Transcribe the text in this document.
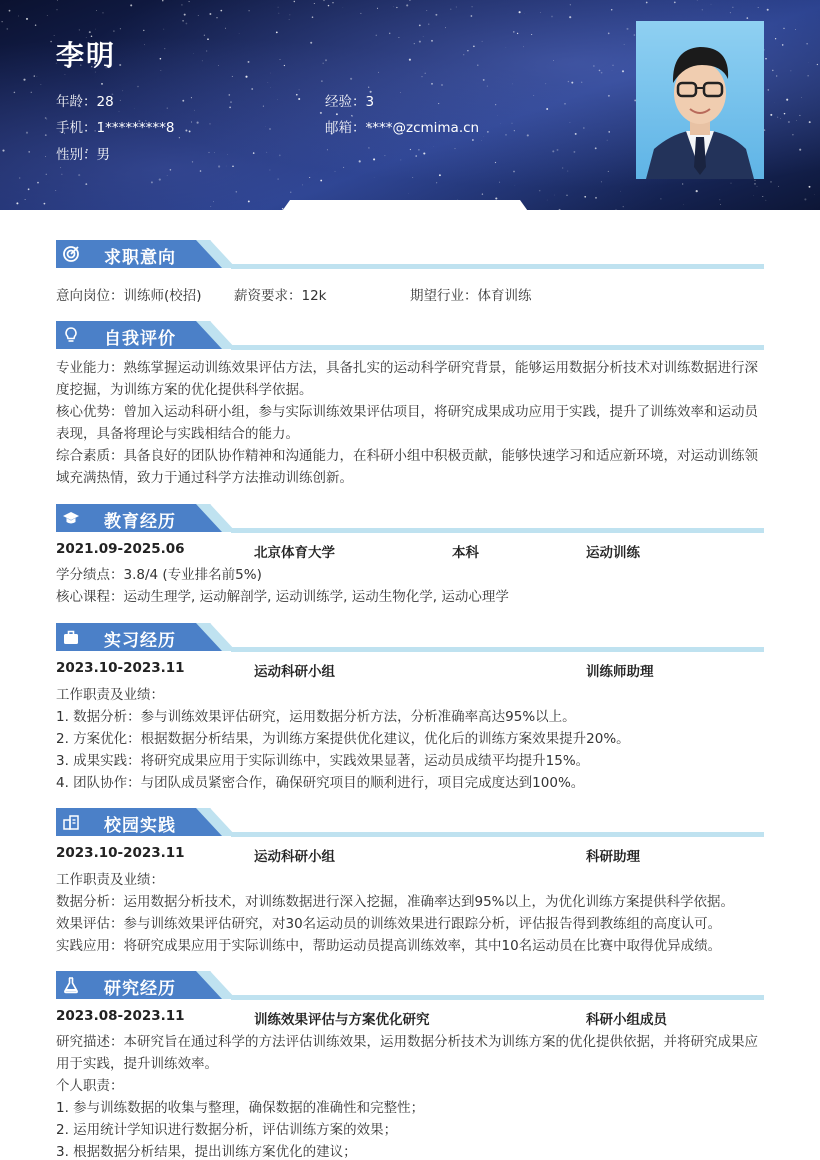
李明
年龄：28	经验：3
手机：1*********8	邮箱：****@zcmima.cn
性别：男
求职意向
意向岗位：训练师(校招) 薪资要求：12k	期望行业：体育训练
自我评价
专业能力：熟练掌握运动训练效果评估方法，具备扎实的运动科学研究背景，能够运用数据分析技术对训练数据进行深度挖掘，为训练方案的优化提供科学依据。
核心优势：曾加入运动科研小组，参与实际训练效果评估项目，将研究成果成功应用于实践，提升了训练效率和运动员表现，具备将理论与实践相结合的能力。
综合素质：具备良好的团队协作精神和沟通能力，在科研小组中积极贡献，能够快速学习和适应新环境，对运动训练领域充满热情，致力于通过科学方法推动训练创新。
教育经历
2021.09-2025.06	北京体育大学	本科	运动训练
学分绩点：3.8/4 (专业排名前5%)
核心课程：运动生理学, 运动解剖学, 运动训练学, 运动生物化学, 运动心理学
实习经历
2023.10-2023.11	运动科研小组	训练师助理
工作职责及业绩：
1. 数据分析：参与训练效果评估研究，运用数据分析方法，分析准确率高达95%以上。
2. 方案优化：根据数据分析结果，为训练方案提供优化建议，优化后的训练方案效果提升20%。
3. 成果实践：将研究成果应用于实际训练中，实践效果显著，运动员成绩平均提升15%。
4. 团队协作：与团队成员紧密合作，确保研究项目的顺利进行，项目完成度达到100%。
校园实践
2023.10-2023.11	运动科研小组	科研助理
工作职责及业绩：
数据分析：运用数据分析技术，对训练数据进行深入挖掘，准确率达到95%以上，为优化训练方案提供科学依据。
效果评估：参与训练效果评估研究，对30名运动员的训练效果进行跟踪分析，评估报告得到教练组的高度认可。
实践应用：将研究成果应用于实际训练中，帮助运动员提高训练效率，其中10名运动员在比赛中取得优异成绩。
研究经历
2023.08-2023.11	训练效果评估与方案优化研究	科研小组成员
研究描述：本研究旨在通过科学的方法评估训练效果，运用数据分析技术为训练方案的优化提供依据，并将研究成果应用于实践，提升训练效率。
个人职责：
1. 参与训练数据的收集与整理，确保数据的准确性和完整性；
2. 运用统计学知识进行数据分析，评估训练方案的效果；
3. 根据数据分析结果，提出训练方案优化的建议；
